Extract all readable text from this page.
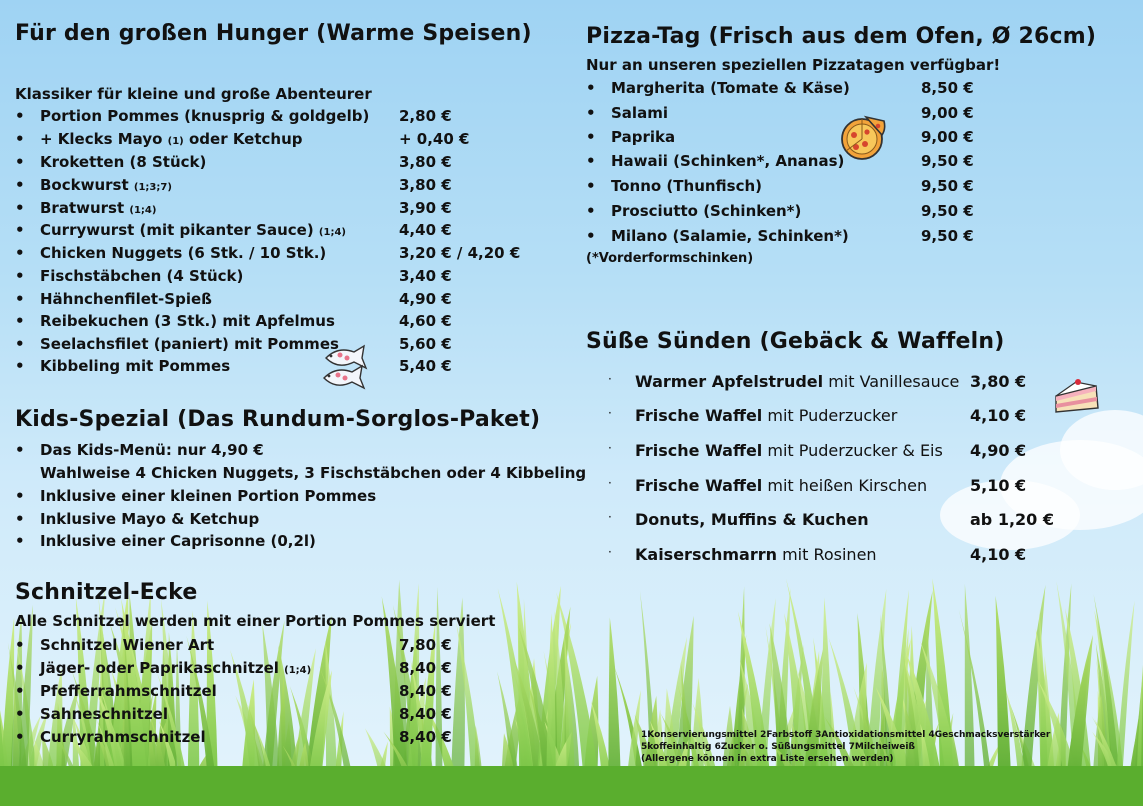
Für den großen Hunger (Warme Speisen)
Klassiker für kleine und große Abenteurer
• Portion Pommes (knusprig & goldgelb) 2,80 €
• + Klecks Mayo (1) oder Ketchup	+ 0,40 €
• Kroketten (8 Stück)	3,80 €
• Bockwurst (1;3;7)	3,80 €
• Bratwurst (1;4)	3,90 €
• Currywurst (mit pikanter Sauce) (1;4)	4,40 €
• Chicken Nuggets (6 Stk. / 10 Stk.)	3,20 € / 4,20 €
• Fischstäbchen (4 Stück)	3,40 €
• Hähnchenfilet-Spieß	4,90 €
• Reibekuchen (3 Stk.) mit Apfelmus	4,60 €
• Seelachsfilet (paniert) mit Pommes	5,60 €
• Kibbeling mit Pommes	5,40 €
Kids-Spezial (Das Rundum-Sorglos-Paket)
• Das Kids-Menü: nur 4,90 €
Wahlweise 4 Chicken Nuggets, 3 Fischstäbchen oder 4 Kibbeling
• Inklusive einer kleinen Portion Pommes
• Inklusive Mayo & Ketchup
• Inklusive einer Caprisonne (0,2l)
Schnitzel-Ecke
Alle Schnitzel werden mit einer Portion Pommes serviert
• Schnitzel Wiener Art	7,80 €
• Jäger- oder Paprikaschnitzel (1;4)	8,40 €
• Pfefferrahmschnitzel	8,40 €
• Sahneschnitzel	8,40 €
• Curryrahmschnitzel	8,40 €
Pizza-Tag (Frisch aus dem Ofen, Ø 26cm)
Nur an unseren speziellen Pizzatagen verfügbar!
• Margherita (Tomate & Käse)	8,50 €
• Salami	9,00 €
• Paprika	9,00 €
• Hawaii (Schinken*, Ananas)	9,50 €
• Tonno (Thunfisch)	9,50 €
• Prosciutto (Schinken*)	9,50 €
• Milano (Salamie, Schinken*)	9,50 €
(*Vorderformschinken)
Süße Sünden (Gebäck & Waffeln)
· Warmer Apfelstrudel mit Vanillesauce 3,80 €
· Frische Waffel mit Puderzucker	4,10 €
· Frische Waffel mit Puderzucker & Eis 4,90 €
· Frische Waffel mit heißen Kirschen	5,10 €
· Donuts, Muffins & Kuchen	ab 1,20 €
· Kaiserschmarrn mit Rosinen	4,10 €
1Konservierungsmittel 2Farbstoff 3Antioxidationsmittel 4Geschmacksverstärker
5koffeinhaltig 6Zucker o. Süßungsmittel 7Milcheiweiß
(Allergene können in extra Liste ersehen werden)
